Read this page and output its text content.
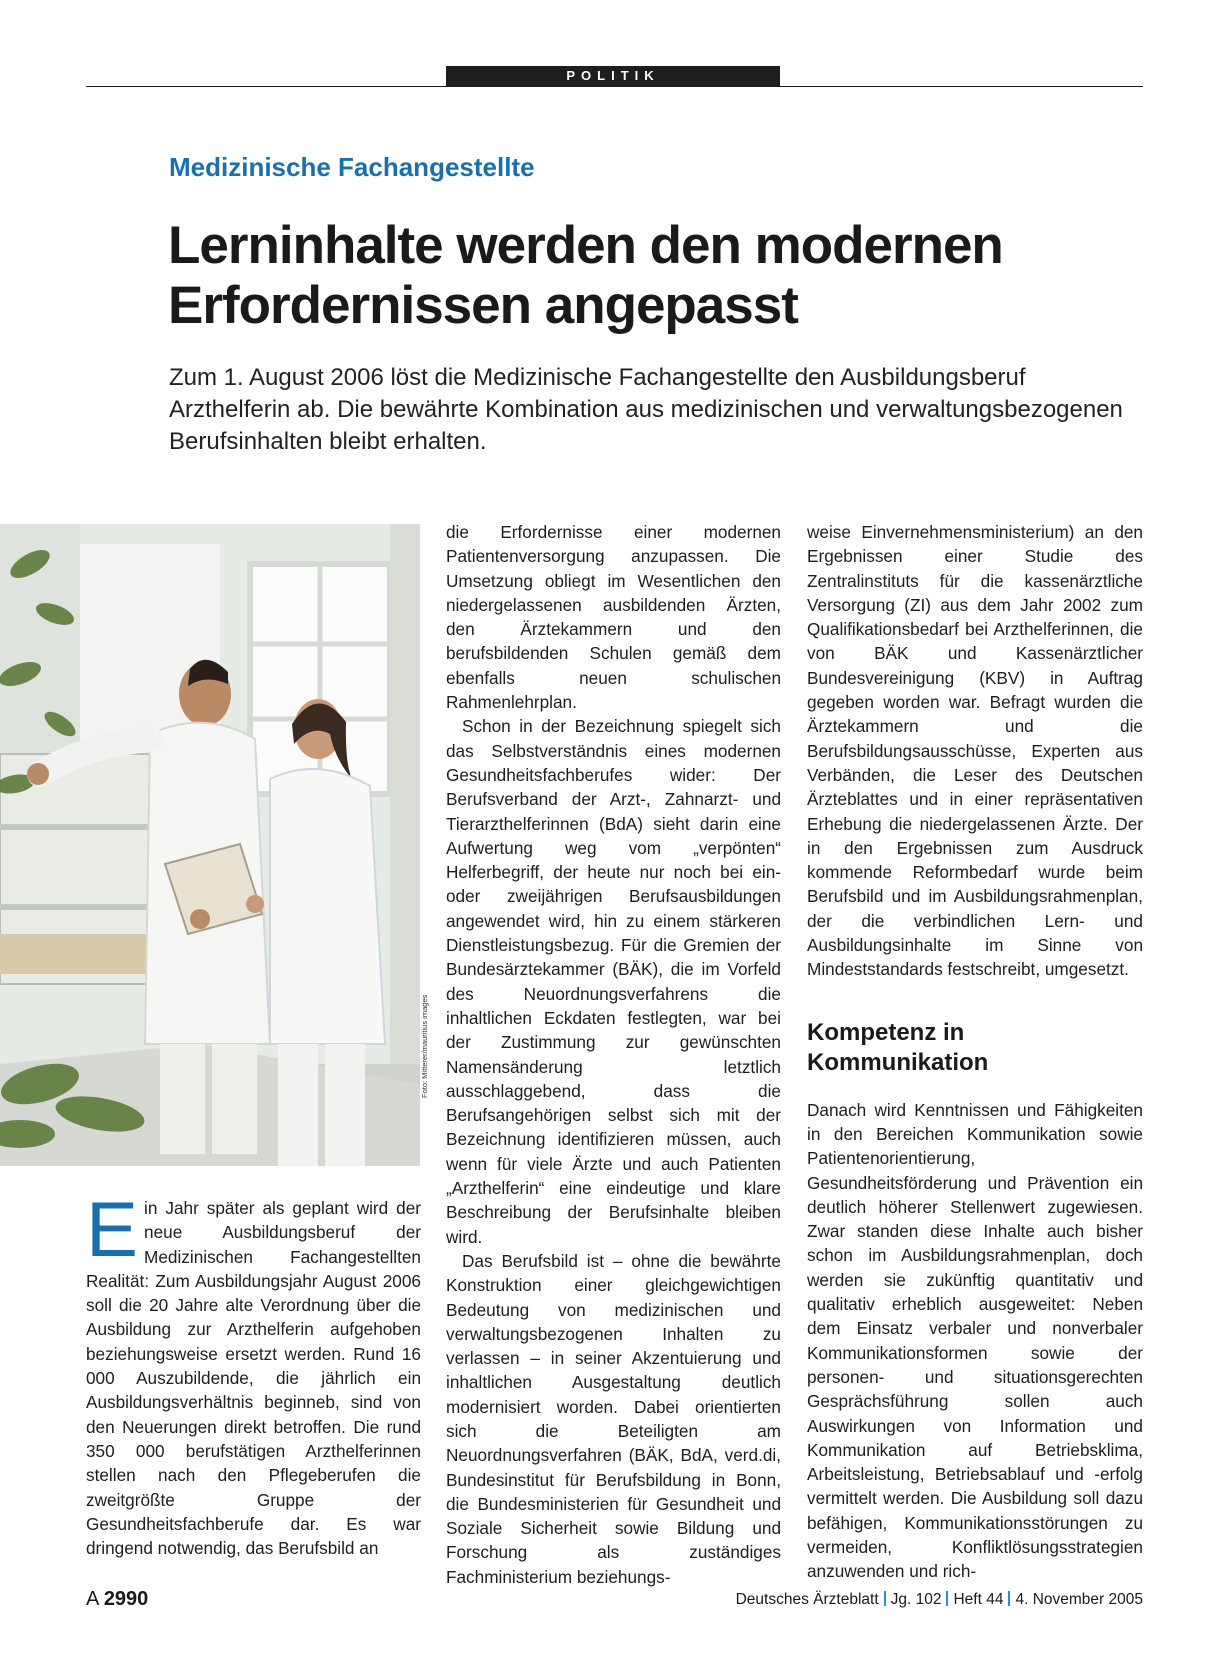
POLITIK
Medizinische Fachangestellte
Lerninhalte werden den modernen Erfordernissen angepasst
Zum 1. August 2006 löst die Medizinische Fachangestellte den Ausbildungsberuf Arzthelferin ab. Die bewährte Kombination aus medizinischen und verwaltungsbezogenen Berufsinhalten bleibt erhalten.
Foto: Mitterer/mauritius images

Ein Jahr später als geplant wird der neue Ausbildungsberuf der Medizinischen Fachangestellten Realität: Zum Ausbildungsjahr August 2006 soll die 20 Jahre alte Verordnung über die Ausbildung zur Arzthelferin aufgehoben beziehungsweise ersetzt werden. Rund 16 000 Auszubildende, die jährlich ein Ausbildungsverhältnis beginneb, sind von den Neuerungen direkt betroffen. Die rund 350 000 berufstätigen Arzthelferinnen stellen nach den Pflegeberufen die zweitgrößte Gruppe der Gesundheitsfachberufe dar. Es war dringend notwendig, das Berufsbild an

die Erfordernisse einer modernen Patientenversorgung anzupassen. Die Umsetzung obliegt im Wesentlichen den niedergelassenen ausbildenden Ärzten, den Ärztekammern und den berufsbildenden Schulen gemäß dem ebenfalls neuen schulischen Rahmenlehrplan.

Schon in der Bezeichnung spiegelt sich das Selbstverständnis eines modernen Gesundheitsfachberufes wider: Der Berufsverband der Arzt-, Zahnarzt- und Tierarzthelferinnen (BdA) sieht darin eine Aufwertung weg vom „verpönten“ Helferbegriff, der heute nur noch bei ein- oder zweijährigen Berufsausbildungen angewendet wird, hin zu einem stärkeren Dienstleistungsbezug. Für die Gremien der Bundesärztekammer (BÄK), die im Vorfeld des Neuordnungsverfahrens die inhaltlichen Eckdaten festlegten, war bei der Zustimmung zur gewünschten Namensänderung letztlich ausschlaggebend, dass die Berufsangehörigen selbst sich mit der Bezeichnung identifizieren müssen, auch wenn für viele Ärzte und auch Patienten „Arzthelferin“ eine eindeutige und klare Beschreibung der Berufsinhalte bleiben wird.

Das Berufsbild ist – ohne die bewährte Konstruktion einer gleichgewichtigen Bedeutung von medizinischen und verwaltungsbezogenen Inhalten zu verlassen – in seiner Akzentuierung und inhaltlichen Ausgestaltung deutlich modernisiert worden. Dabei orientierten sich die Beteiligten am Neuordnungsverfahren (BÄK, BdA, verd.di, Bundesinstitut für Berufsbildung in Bonn, die Bundesministerien für Gesundheit und Soziale Sicherheit sowie Bildung und Forschung als zuständiges Fachministerium beziehungs-

weise Einvernehmensministerium) an den Ergebnissen einer Studie des Zentralinstituts für die kassenärztliche Versorgung (ZI) aus dem Jahr 2002 zum Qualifikationsbedarf bei Arzthelferinnen, die von BÄK und Kassenärztlicher Bundesvereinigung (KBV) in Auftrag gegeben worden war. Befragt wurden die Ärztekammern und die Berufsbildungsausschüsse, Experten aus Verbänden, die Leser des Deutschen Ärzteblattes und in einer repräsentativen Erhebung die niedergelassenen Ärzte. Der in den Ergebnissen zum Ausdruck kommende Reformbedarf wurde beim Berufsbild und im Ausbildungsrahmenplan, der die verbindlichen Lern- und Ausbildungsinhalte im Sinne von Mindeststandards festschreibt, umgesetzt.

Kompetenz in Kommunikation

Danach wird Kenntnissen und Fähigkeiten in den Bereichen Kommunikation sowie Patientenorientierung, Gesundheitsförderung und Prävention ein deutlich höherer Stellenwert zugewiesen. Zwar standen diese Inhalte auch bisher schon im Ausbildungsrahmenplan, doch werden sie zukünftig quantitativ und qualitativ erheblich ausgeweitet: Neben dem Einsatz verbaler und nonverbaler Kommunikationsformen sowie der personen- und situationsgerechten Gesprächsführung sollen auch Auswirkungen von Information und Kommunikation auf Betriebsklima, Arbeitsleistung, Betriebsablauf und -erfolg vermittelt werden. Die Ausbildung soll dazu befähigen, Kommunikationsstörungen zu vermeiden, Konfliktlösungsstrategien anzuwenden und rich-

A 2990	Deutsches Ärzteblatt Jg. 102 Heft 44 4. November 2005
